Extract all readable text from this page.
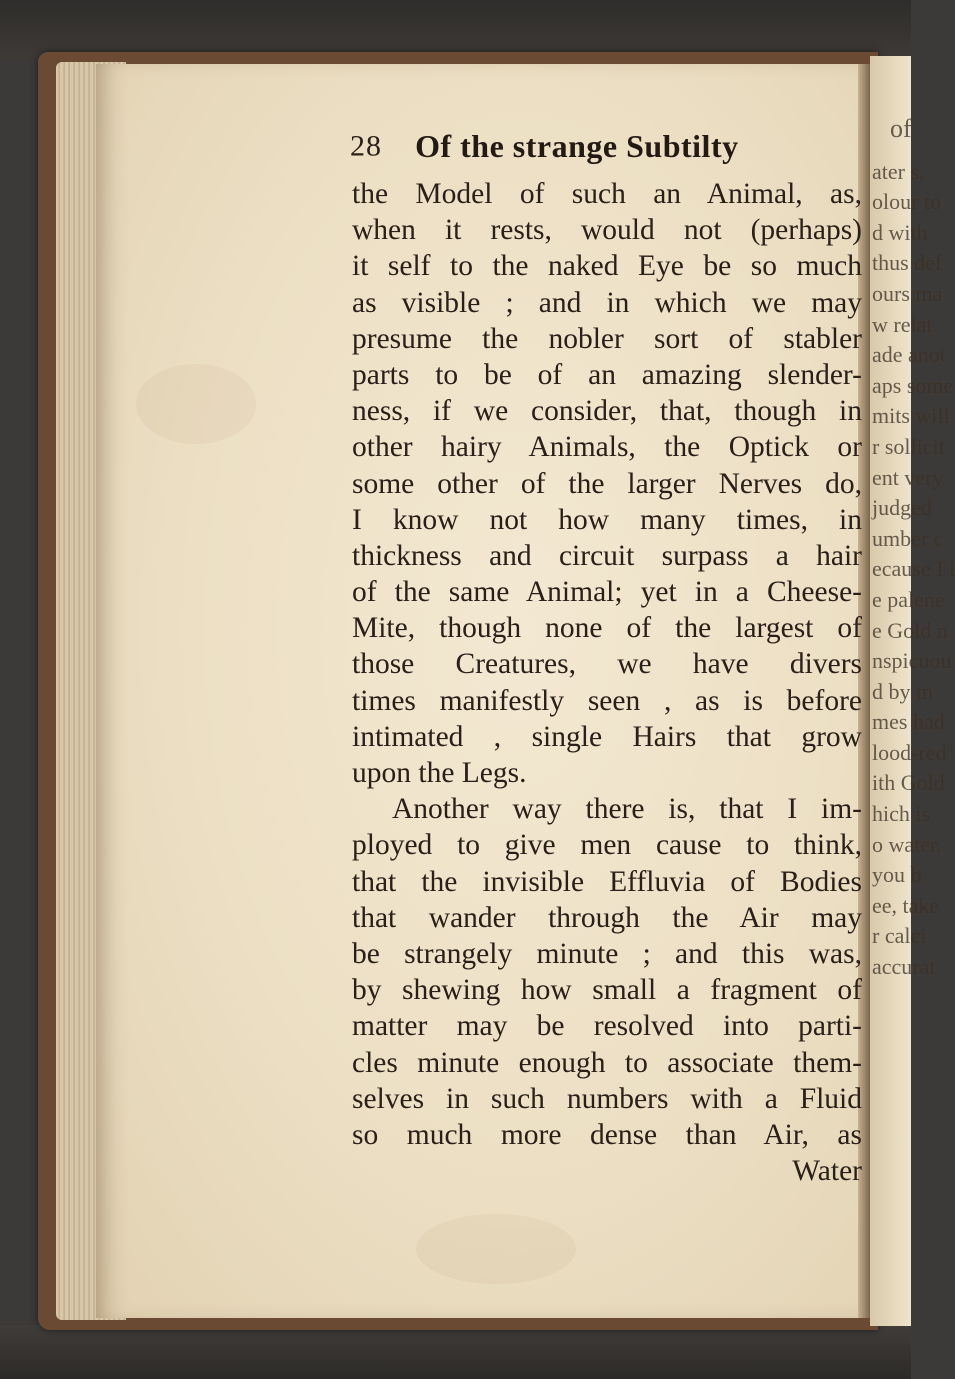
of
ater s,
olour to
d with
thus def
ours ma
w relat
ade anot
aps some
mits will
r sollicit
ent very
judged
umber c
ecause I l
e palene
e Gold n
nspicuou
d by m
mes had
lood-red
ith Gold
hich is
o water.
you b
ee, take
r calci
accurat
28 Of the strange Subtilty
the Model of such an Animal, as,
when it rests, would not (perhaps)
it self to the naked Eye be so much
as visible ; and in which we may
presume the nobler sort of stabler
parts to be of an amazing slender-
ness, if we consider, that, though in
other hairy Animals, the Optick or
some other of the larger Nerves do,
I know not how many times, in
thickness and circuit surpass a hair
of the same Animal; yet in a Cheese-
Mite, though none of the largest of
those Creatures, we have divers
times manifestly seen , as is before
intimated , single Hairs that grow
upon the Legs.
Another way there is, that I im-
ployed to give men cause to think,
that the invisible Effluvia of Bodies
that wander through the Air may
be strangely minute ; and this was,
by shewing how small a fragment of
matter may be resolved into parti-
cles minute enough to associate them-
selves in such numbers with a Fluid
so much more dense than Air, as
Water
